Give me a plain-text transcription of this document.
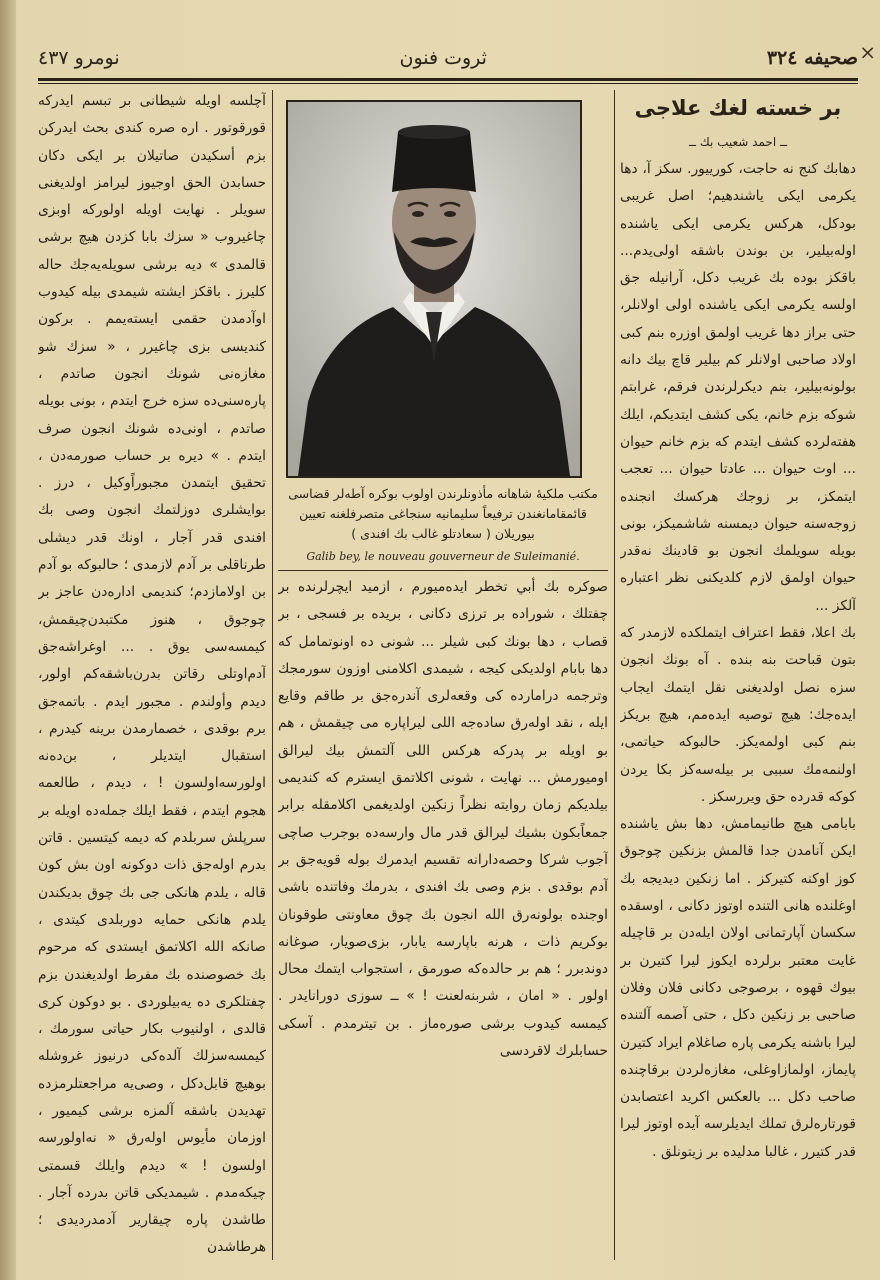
نومرو ٤٣٧	ثروت فنون	صحيفه ٣٢٤ ×
بر خسته لغك علاجى
ــ احمد شعيب بك ــ

دهابك كنج نه حاجت، كورييور. سكز آ، دها يكرمى ايكى ياشندهيم؛ اصل غريبى بودكل، هركس يكرمى ايكى ياشنده اوله‌بيلير، بن بوندن باشقه اولى‌يدم... باقكز بوده بك غريب دكل، آرانيله جق اولسه يكرمى ايكى ياشنده اولى اولانلر، حتى براز دها غريب اولمق اوزره بنم كبى اولاد صاحبى اولانلر كم بيلير قاچ بيك دانه بولونه‌بيلير، بنم ديكرلرندن فرقم، غرابتم شوكه بزم خانم، يكى كشف ايتديكم، ايلك هفته‌لرده كشف ايتدم كه بزم خانم حيوان ... اوت حيوان ... عادتا حيوان ... تعجب ايتمكز، بر زوجك هركسك انجنده زوجه‌سنه حيوان ديمسنه شاشميكز، بونى بويله سويلمك انجون بو قادينك نه‌قدر حيوان اولمق لازم كلديكنى نظر اعتباره آلكز ...

بك اعلا، فقط اعتراف ايتملكده لازمدر كه بتون قباحت بنه بنده . آه بونك انجون سزه نصل اولديغنى نقل ايتمك ايجاب ايده‌جك: هيچ توصيه ايده‌مم، هيچ بريكز بنم كبى اولمه‌يكز. حالبوكه حياتمى، اولنمه‌مك سببى بر بيله‌سه‌كز بكا يردن كوكه قدرده حق ويررسكز .

بابامى هيچ طانيمامش، دها بش ياشنده ايكن آنامدن جدا قالمش بزنكين چوجوق كوز اوكنه كتيركز . اما زنكين ديديجه بك اوغلنده هانى التنده اوتوز دكانى ، اوسقده سكسان آپارتمانى اولان ايله‌دن بر قاچيله غايت معتبر برلرده ايكوز ليرا كتيرن بر بيوك قهوه ، برصوجى دكانى فلان وفلان صاحبى بر زنكين دكل ، حتى آصمه آلتنده ليرا باشنه يكرمى پاره صاغلام ايراد كتيرن پايماز، اولمازاوغلى، مغازه‌لردن برقاچنده صاحب دكل ... بالعكس اكريد اعتصابدن قورتاره‌لرق تملك ايديلرسه آيده اوتوز ليرا قدر كتيرر ، غالبا مدليده بر زيتونلق .

مكتب ملكيهٔ شاهانه مأذونلرندن اولوب بوكره آطه‌لر قضاسى قائمقامانغندن ترفيعاً سليمانيه سنجاغى متصرفلغنه تعيين بيوريلان ( سعادتلو غالب بك افندى )
Galib bey, le nouveau gouverneur de Suleimanié.

صوكره بك أبي تخطر ايده‌ميورم ، ازميد ايچرلرنده بر چفتلك ، شوراده بر ترزى دكانى ، بريده بر فسجى ، بر قصاب ، دها بونك كبى شيلر ... شونى ده اونوتمامل كه دها بابام اولديكى كيجه ، شيمدى اكلامنى اوزون سورمجك وترجمه درامارده كى وقعه‌لرى آندره‌جق بر طاقم وقايع ايله ، نقد اوله‌رق ساده‌جه اللى ليراپاره مى چيقمش ، هم بو اويله بر پدركه هركس اللى آلتمش بيك ليرالق اوميورمش ... نهايت ، شونى اكلاتمق ايسترم كه كنديمى بيلديكم زمان روايته نظراً زنكين اولديغمى اكلامقله برابر جمعاًبكون بشيك ليرالق قدر مال وارسه‌ده بوجرب صاچى آجوب شركا وحصه‌دارانه تقسيم ايدمرك بوله قويه‌جق بر آدم بوقدى . بزم وصى بك افندى ، بدرمك وفاتنده باشى اوجنده بولونه‌رق الله انجون بك چوق معاونتى طوقونان بوكريم ذات ، هرنه باپارسه يابار، بزى‌صويار، صوغانه دوندبرر ؛ هم بر حالده‌كه صورمق ، استجواب ايتمك محال اولور . « امان ، شربنه‌لعنت ! » ــ سوزى دورانايدر . كيمسه كيدوب برشى صوره‌ماز . بن تيترمدم . آسكى حسابلرك لاقردسى

آچلسه اويله شيطانى بر تبسم ايدركه قورقوتور . اره صره كندى بحث ايدركن بزم أسكيدن صاتيلان بر ايكى دكان حسابدن الحق اوجيوز ليرامز اولديغنى سويلر . نهايت اويله اولوركه اوبزى چاغيروب « سزك بابا كزدن هيچ برشى قالمدى » ديه برشى سويله‌يه‌جك حاله كليرز . باقكز ايشته شيمدى بيله كيدوب اوآدمدن حقمى ايسته‌يمم . بركون كنديسى بزى چاغيرر ، « سزك شو مغازه‌نى شونك انجون صاتدم ، پاره‌سنى‌ده سزه خرج ايتدم ، بونى بويله صاتدم ، اونى‌ده شونك انجون صرف ايتدم . » ديره بر حساب صورمه‌دن ، تحقيق ايتمدن مجبوراًوكيل ، درز . بوايشلرى دوزلتمك انجون وصى بك افندى قدر آجار ، اونك قدر ديشلى طرناقلى بر آدم لازمدى ؛ حالبوكه بو آدم بن اولامازدم؛ كنديمى اداره‌دن عاجز بر چوجوق ، هنوز مكتبدن‌چيقمش، كيمسه‌سى يوق . ... اوغرا‌شه‌جق آدم‌اوتلى رقاتن بدرن‌باشقه‌كم اولور، ديدم وأولندم . مجبور ايدم . باتمه‌جق برم بوقدى ، خصمارمدن برينه كيدرم ، استقبال ايتديلر ، بن‌ده‌نه اولورسه‌اولسون ! ، ديدم ، طالعمه هجوم ايتدم ، فقط ايلك جمله‌ده اويله بر سرپلش سربلدم كه ديمه كيتسين . قاتن بدرم اوله‌جق ذات دوكونه اون بش كون قاله ، يلدم هانكى جى بك چوق بديكندن يلدم هانكى حمايه دوربلدى كيتدى ، صانكه الله اكلاتمق ايستدى كه مرحوم بك خصوصنده بك مفرط اولديغندن بزم چفتلكرى ده يه‌بيلوردى . بو دوكون كرى قالدى ، اولنيوب بكار حياتى سورمك ، كيمسه‌سزلك آلده‌كى درنيوز غروشله بوهيچ قابل‌دكل ، وصى‌يه مراجعتلرمزده تهديدن باشقه آلمزه برشى كيميور ، اوزمان مأيوس اوله‌رق « نه‌اولورسه اولسون ! » ديدم وايلك قسمتى چيكه‌مدم . شيمديكى قاتن بدرده آجار . طاشدن پاره چيقارير آدمدرديدى ؛ هرطاشدن
